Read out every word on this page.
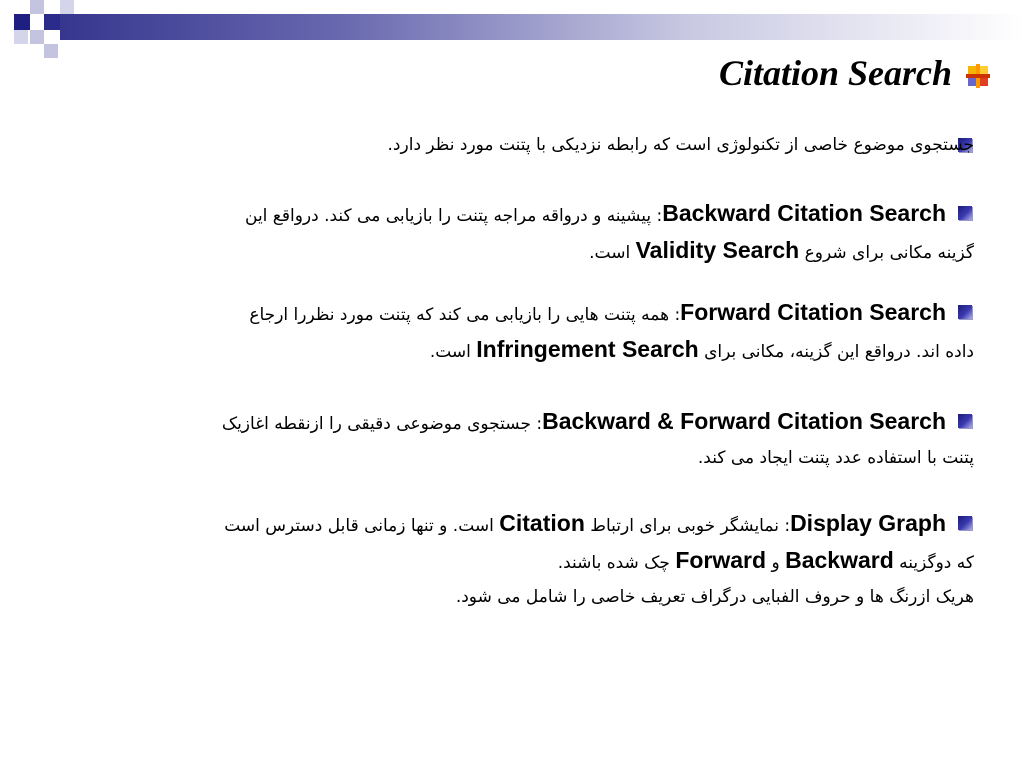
Citation Search
جستجوی موضوع خاصی از تکنولوژی است که رابطه نزدیکی با پتنت مورد نظر دارد.
Backward Citation Search: پیشینه و درواقه مراجه پتنت را بازیابی می کند. درواقع این
گزینه مکانی برای شروع Validity Search است.
Forward Citation Search: همه پتنت هایی را بازیابی می کند که پتنت مورد نظررا ارجاع
داده اند. درواقع این گزینه، مکانی برای Infringement Search است.
Backward & Forward Citation Search: جستجوی موضوعی دقیقی را ازنقطه اغازیک
پتنت با استفاده عدد پتنت ایجاد می کند.
Display Graph: نمایشگر خوبی برای ارتباط Citation است. و تنها زمانی قابل دسترس است
که دوگزینه Backward و Forward چک شده باشند.
هریک ازرنگ ها و حروف الفبایی درگراف تعریف خاصی را شامل می شود.
